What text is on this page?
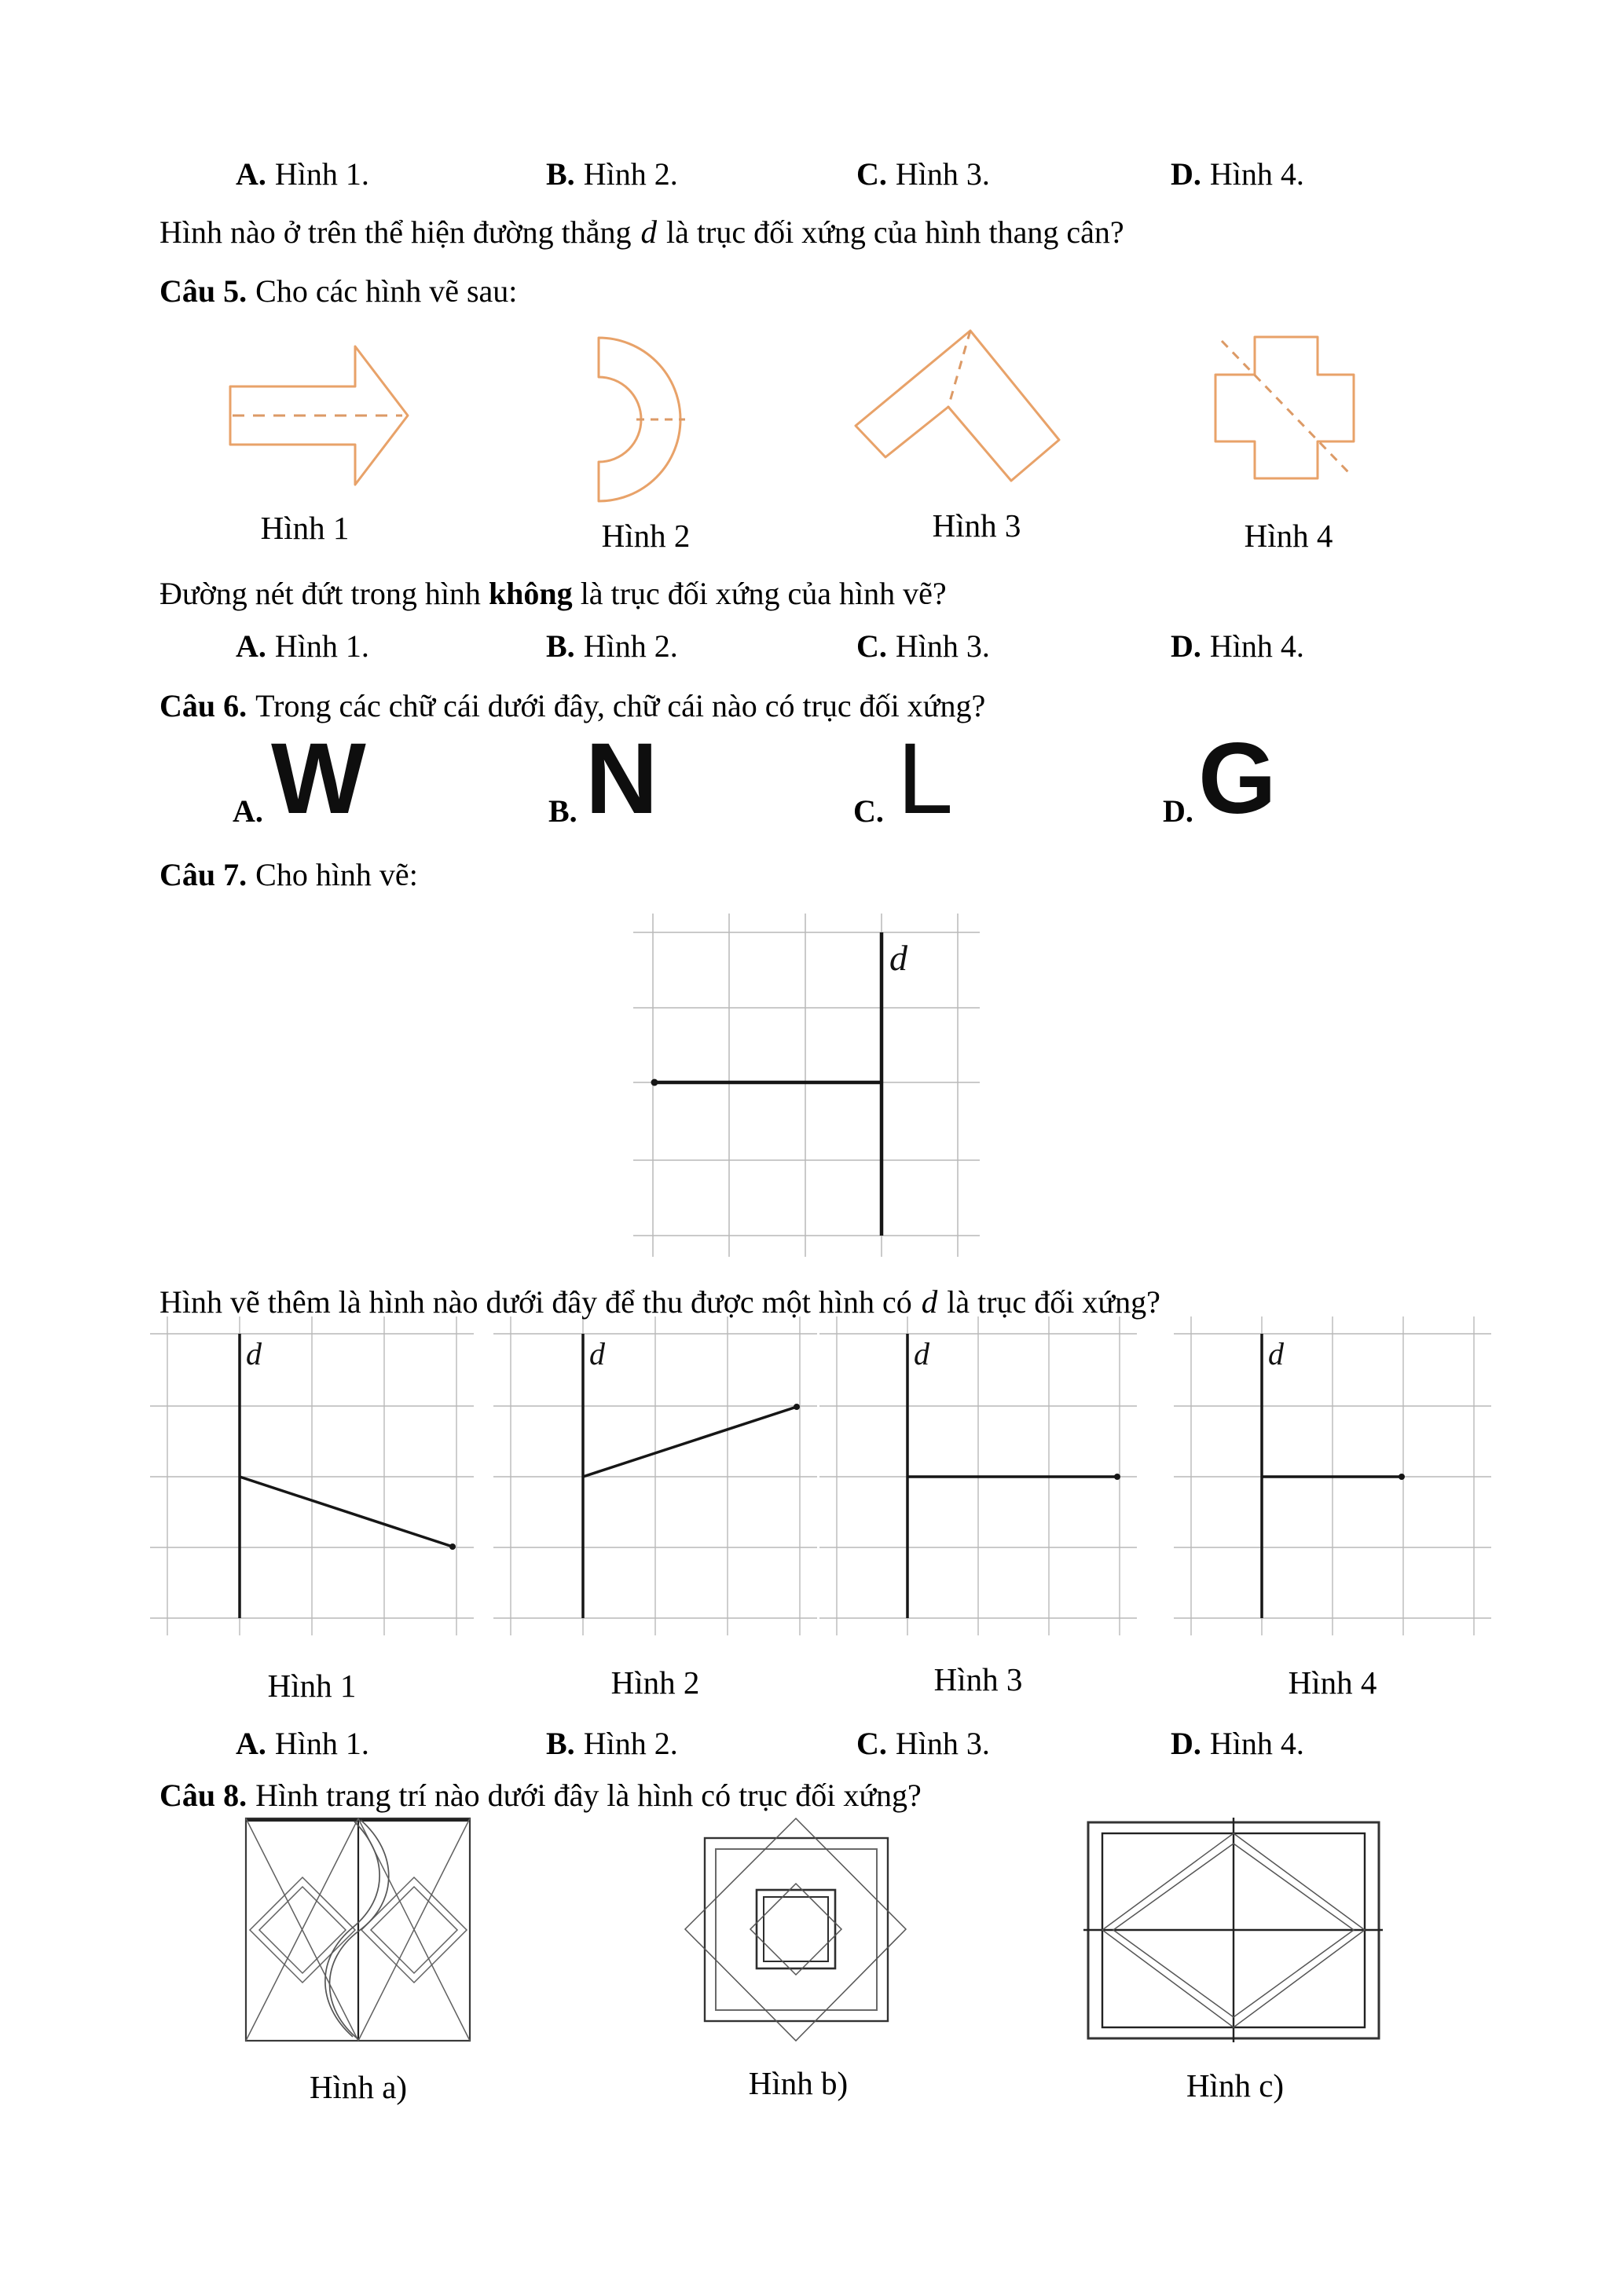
d
d	d	d	d
A. Hình 1.	B. Hình 2.	C. Hình 3.	D. Hình 4.
Hình nào ở trên thể hiện đường thẳng d là trục đối xứng của hình thang cân?
Câu 5. Cho các hình vẽ sau:
Hình 1	Hình 2	Hình 3	Hình 4
Đường nét đứt trong hình không là trục đối xứng của hình vẽ?
A. Hình 1.	B. Hình 2.	C. Hình 3.	D. Hình 4.
Câu 6. Trong các chữ cái dưới đây, chữ cái nào có trục đối xứng?
A. W	B. N	C. L	D. G
Câu 7. Cho hình vẽ:
Hình vẽ thêm là hình nào dưới đây để thu được một hình có d là trục đối xứng?
Hình 1	Hình 2	Hình 3	Hình 4
A. Hình 1.	B. Hình 2.	C. Hình 3.	D. Hình 4.
Câu 8. Hình trang trí nào dưới đây là hình có trục đối xứng?
Hình a)	Hình b)	Hình c)
